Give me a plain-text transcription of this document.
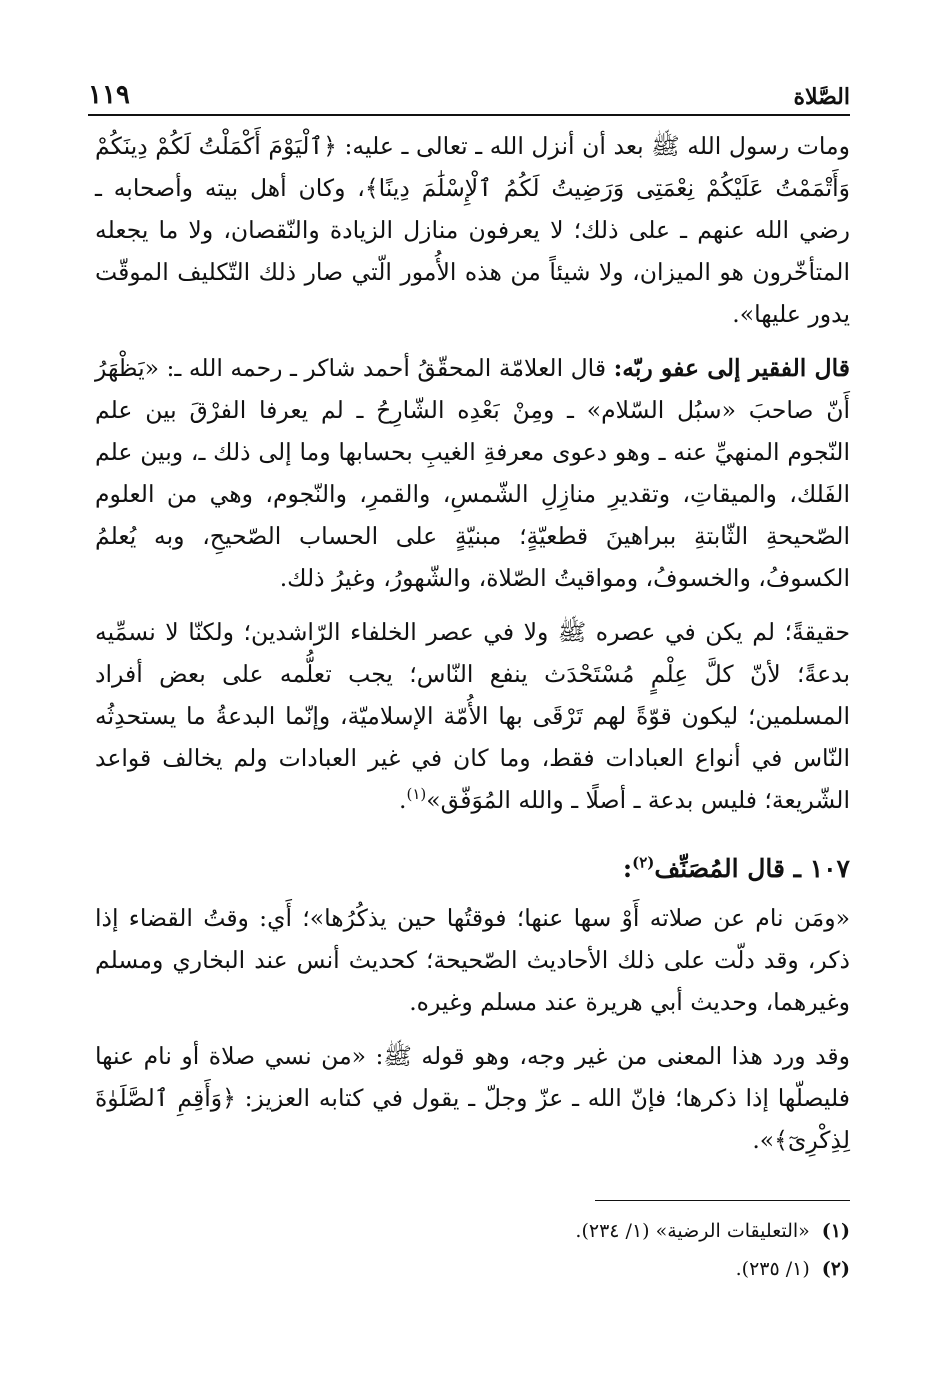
الصَّلاة
١١٩

ومات رسول الله ﷺ بعد أن أنزل الله ـ تعالى ـ عليه: ﴿ٱلْيَوْمَ أَكْمَلْتُ لَكُمْ دِينَكُمْ وَأَتْمَمْتُ عَلَيْكُمْ نِعْمَتِى وَرَضِيتُ لَكُمُ ٱلْإِسْلَٰمَ دِينًا﴾، وكان أهل بيته وأصحابه ـ رضي الله عنهم ـ على ذلك؛ لا يعرفون منازل الزيادة والنّقصان، ولا ما يجعله المتأخّرون هو الميزان، ولا شيئاً من هذه الأُمور الّتي صار ذلك التّكليف الموقّت يدور عليها».

قال الفقير إلى عفو ربّه: قال العلامّة المحقّقُ أحمد شاكر ـ رحمه الله ـ: «يَظْهَرُ أَنّ صاحبَ «سبُل السّلام» ـ ومِنْ بَعْدِه الشّارِحُ ـ لم يعرفا الفرْقَ بين علم النّجوم المنهيِّ عنه ـ وهو دعوى معرفةِ الغيبِ بحسابها وما إلى ذلك ـ، وبين علم الفَلك، والميقاتِ، وتقديرِ منازِلِ الشّمسِ، والقمرِ، والنّجوم، وهي من العلوم الصّحيحةِ الثّابتةِ ببراهينَ قطعيّةٍ؛ مبنيّةٍ على الحساب الصّحيحِ، وبه يُعلمُ الكسوفُ، والخسوفُ، ومواقيتُ الصّلاة، والشّهورُ، وغيرُ ذلك.

حقيقةً؛ لم يكن في عصره ﷺ ولا في عصر الخلفاء الرّاشدين؛ ولكنّا لا نسمِّيه بدعةً؛ لأنّ كلَّ عِلْمٍ مُسْتَحْدَث ينفع النّاس؛ يجب تعلُّمه على بعض أفراد المسلمين؛ ليكون قوّةً لهم تَرْقَى بها الأُمّة الإسلاميّة، وإنّما البدعةُ ما يستحدِثُه النّاس في أنواع العبادات فقط، وما كان في غير العبادات ولم يخالف قواعد الشّريعة؛ فليس بدعة ـ أصلًا ـ والله المُوَفّق»$^{(١)}$.

١٠٧ ـ قال المُصَنِّف$^{(٢)}$:

«ومَن نام عن صلاته أَوْ سها عنها؛ فوقتُها حين يذكُرُها»؛ أَي: وقتُ القضاء إذا ذكر، وقد دلّت على ذلك الأحاديث الصّحيحة؛ كحديث أنس عند البخاري ومسلم وغيرهما، وحديث أبي هريرة عند مسلم وغيره.

وقد ورد هذا المعنى من غير وجه، وهو قوله ﷺ: «من نسي صلاة أو نام عنها فليصلّها إذا ذكرها؛ فإنّ الله ـ عزّ وجلّ ـ يقول في كتابه العزيز: ﴿وَأَقِمِ ٱلصَّلَوٰةَ لِذِكْرِىٓ﴾».

(١)«التعليقات الرضية» (١/ ٢٣٤).
(٢)(١/ ٢٣٥).
